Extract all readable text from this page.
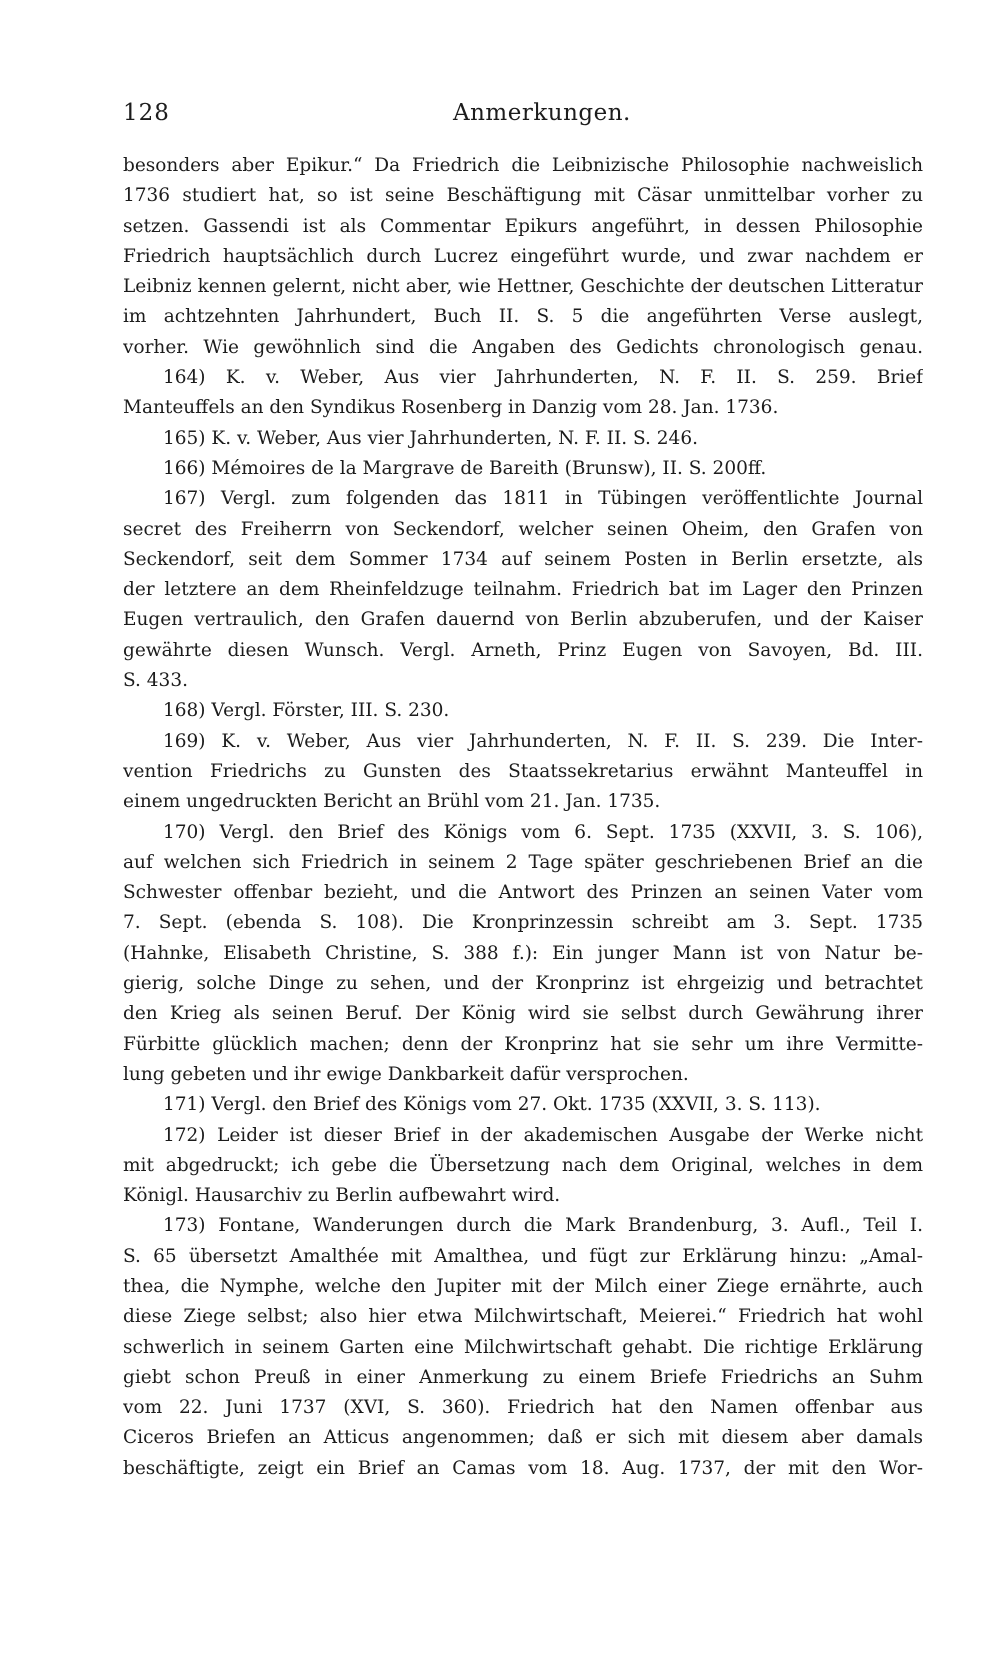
128	Anmerkungen.
besonders aber Epikur.“ Da Friedrich die Leibnizische Philosophie nachweislich
1736 studiert hat, so ist seine Beschäftigung mit Cäsar unmittelbar vorher zu
setzen. Gassendi ist als Commentar Epikurs angeführt, in dessen Philosophie
Friedrich hauptsächlich durch Lucrez eingeführt wurde, und zwar nachdem er
Leibniz kennen gelernt, nicht aber, wie Hettner, Geschichte der deutschen Litteratur
im achtzehnten Jahrhundert, Buch II. S. 5 die angeführten Verse auslegt,
vorher. Wie gewöhnlich sind die Angaben des Gedichts chronologisch genau.
164) K. v. Weber, Aus vier Jahrhunderten, N. F. II. S. 259. Brief
Manteuffels an den Syndikus Rosenberg in Danzig vom 28. Jan. 1736.
165) K. v. Weber, Aus vier Jahrhunderten, N. F. II. S. 246.
166) Mémoires de la Margrave de Bareith (Brunsw), II. S. 200ff.
167) Vergl. zum folgenden das 1811 in Tübingen veröffentlichte Journal
secret des Freiherrn von Seckendorf, welcher seinen Oheim, den Grafen von
Seckendorf, seit dem Sommer 1734 auf seinem Posten in Berlin ersetzte, als
der letztere an dem Rheinfeldzuge teilnahm. Friedrich bat im Lager den Prinzen
Eugen vertraulich, den Grafen dauernd von Berlin abzuberufen, und der Kaiser
gewährte diesen Wunsch. Vergl. Arneth, Prinz Eugen von Savoyen, Bd. III.
S. 433.
168) Vergl. Förster, III. S. 230.
169) K. v. Weber, Aus vier Jahrhunderten, N. F. II. S. 239. Die Inter-
vention Friedrichs zu Gunsten des Staatssekretarius erwähnt Manteuffel in
einem ungedruckten Bericht an Brühl vom 21. Jan. 1735.
170) Vergl. den Brief des Königs vom 6. Sept. 1735 (XXVII, 3. S. 106),
auf welchen sich Friedrich in seinem 2 Tage später geschriebenen Brief an die
Schwester offenbar bezieht, und die Antwort des Prinzen an seinen Vater vom
7. Sept. (ebenda S. 108). Die Kronprinzessin schreibt am 3. Sept. 1735
(Hahnke, Elisabeth Christine, S. 388 f.): Ein junger Mann ist von Natur be-
gierig, solche Dinge zu sehen, und der Kronprinz ist ehrgeizig und betrachtet
den Krieg als seinen Beruf. Der König wird sie selbst durch Gewährung ihrer
Fürbitte glücklich machen; denn der Kronprinz hat sie sehr um ihre Vermitte-
lung gebeten und ihr ewige Dankbarkeit dafür versprochen.
171) Vergl. den Brief des Königs vom 27. Okt. 1735 (XXVII, 3. S. 113).
172) Leider ist dieser Brief in der akademischen Ausgabe der Werke nicht
mit abgedruckt; ich gebe die Übersetzung nach dem Original, welches in dem
Königl. Hausarchiv zu Berlin aufbewahrt wird.
173) Fontane, Wanderungen durch die Mark Brandenburg, 3. Aufl., Teil I.
S. 65 übersetzt Amalthée mit Amalthea, und fügt zur Erklärung hinzu: „Amal-
thea, die Nymphe, welche den Jupiter mit der Milch einer Ziege ernährte, auch
diese Ziege selbst; also hier etwa Milchwirtschaft, Meierei.“ Friedrich hat wohl
schwerlich in seinem Garten eine Milchwirtschaft gehabt. Die richtige Erklärung
giebt schon Preuß in einer Anmerkung zu einem Briefe Friedrichs an Suhm
vom 22. Juni 1737 (XVI, S. 360). Friedrich hat den Namen offenbar aus
Ciceros Briefen an Atticus angenommen; daß er sich mit diesem aber damals
beschäftigte, zeigt ein Brief an Camas vom 18. Aug. 1737, der mit den Wor-
